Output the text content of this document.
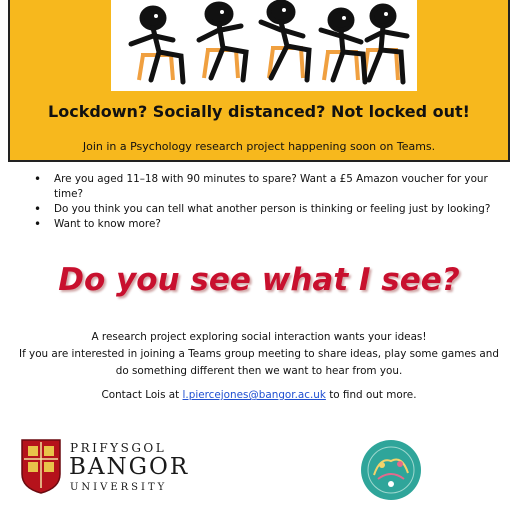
Lockdown? Socially distanced? Not locked out!
Join in a Psychology research project happening soon on Teams.
• Are you aged 11–18 with 90 minutes to spare? Want a £5 Amazon voucher for your time?
• Do you think you can tell what another person is thinking or feeling just by looking?
• Want to know more?
Do you see what I see?
A research project exploring social interaction wants your ideas!
If you are interested in joining a Teams group meeting to share ideas, play some games and
do something different then we want to hear from you.
Contact Lois at l.piercejones@bangor.ac.uk to find out more.
PRIFYSGOL
BANGOR
UNIVERSITY
